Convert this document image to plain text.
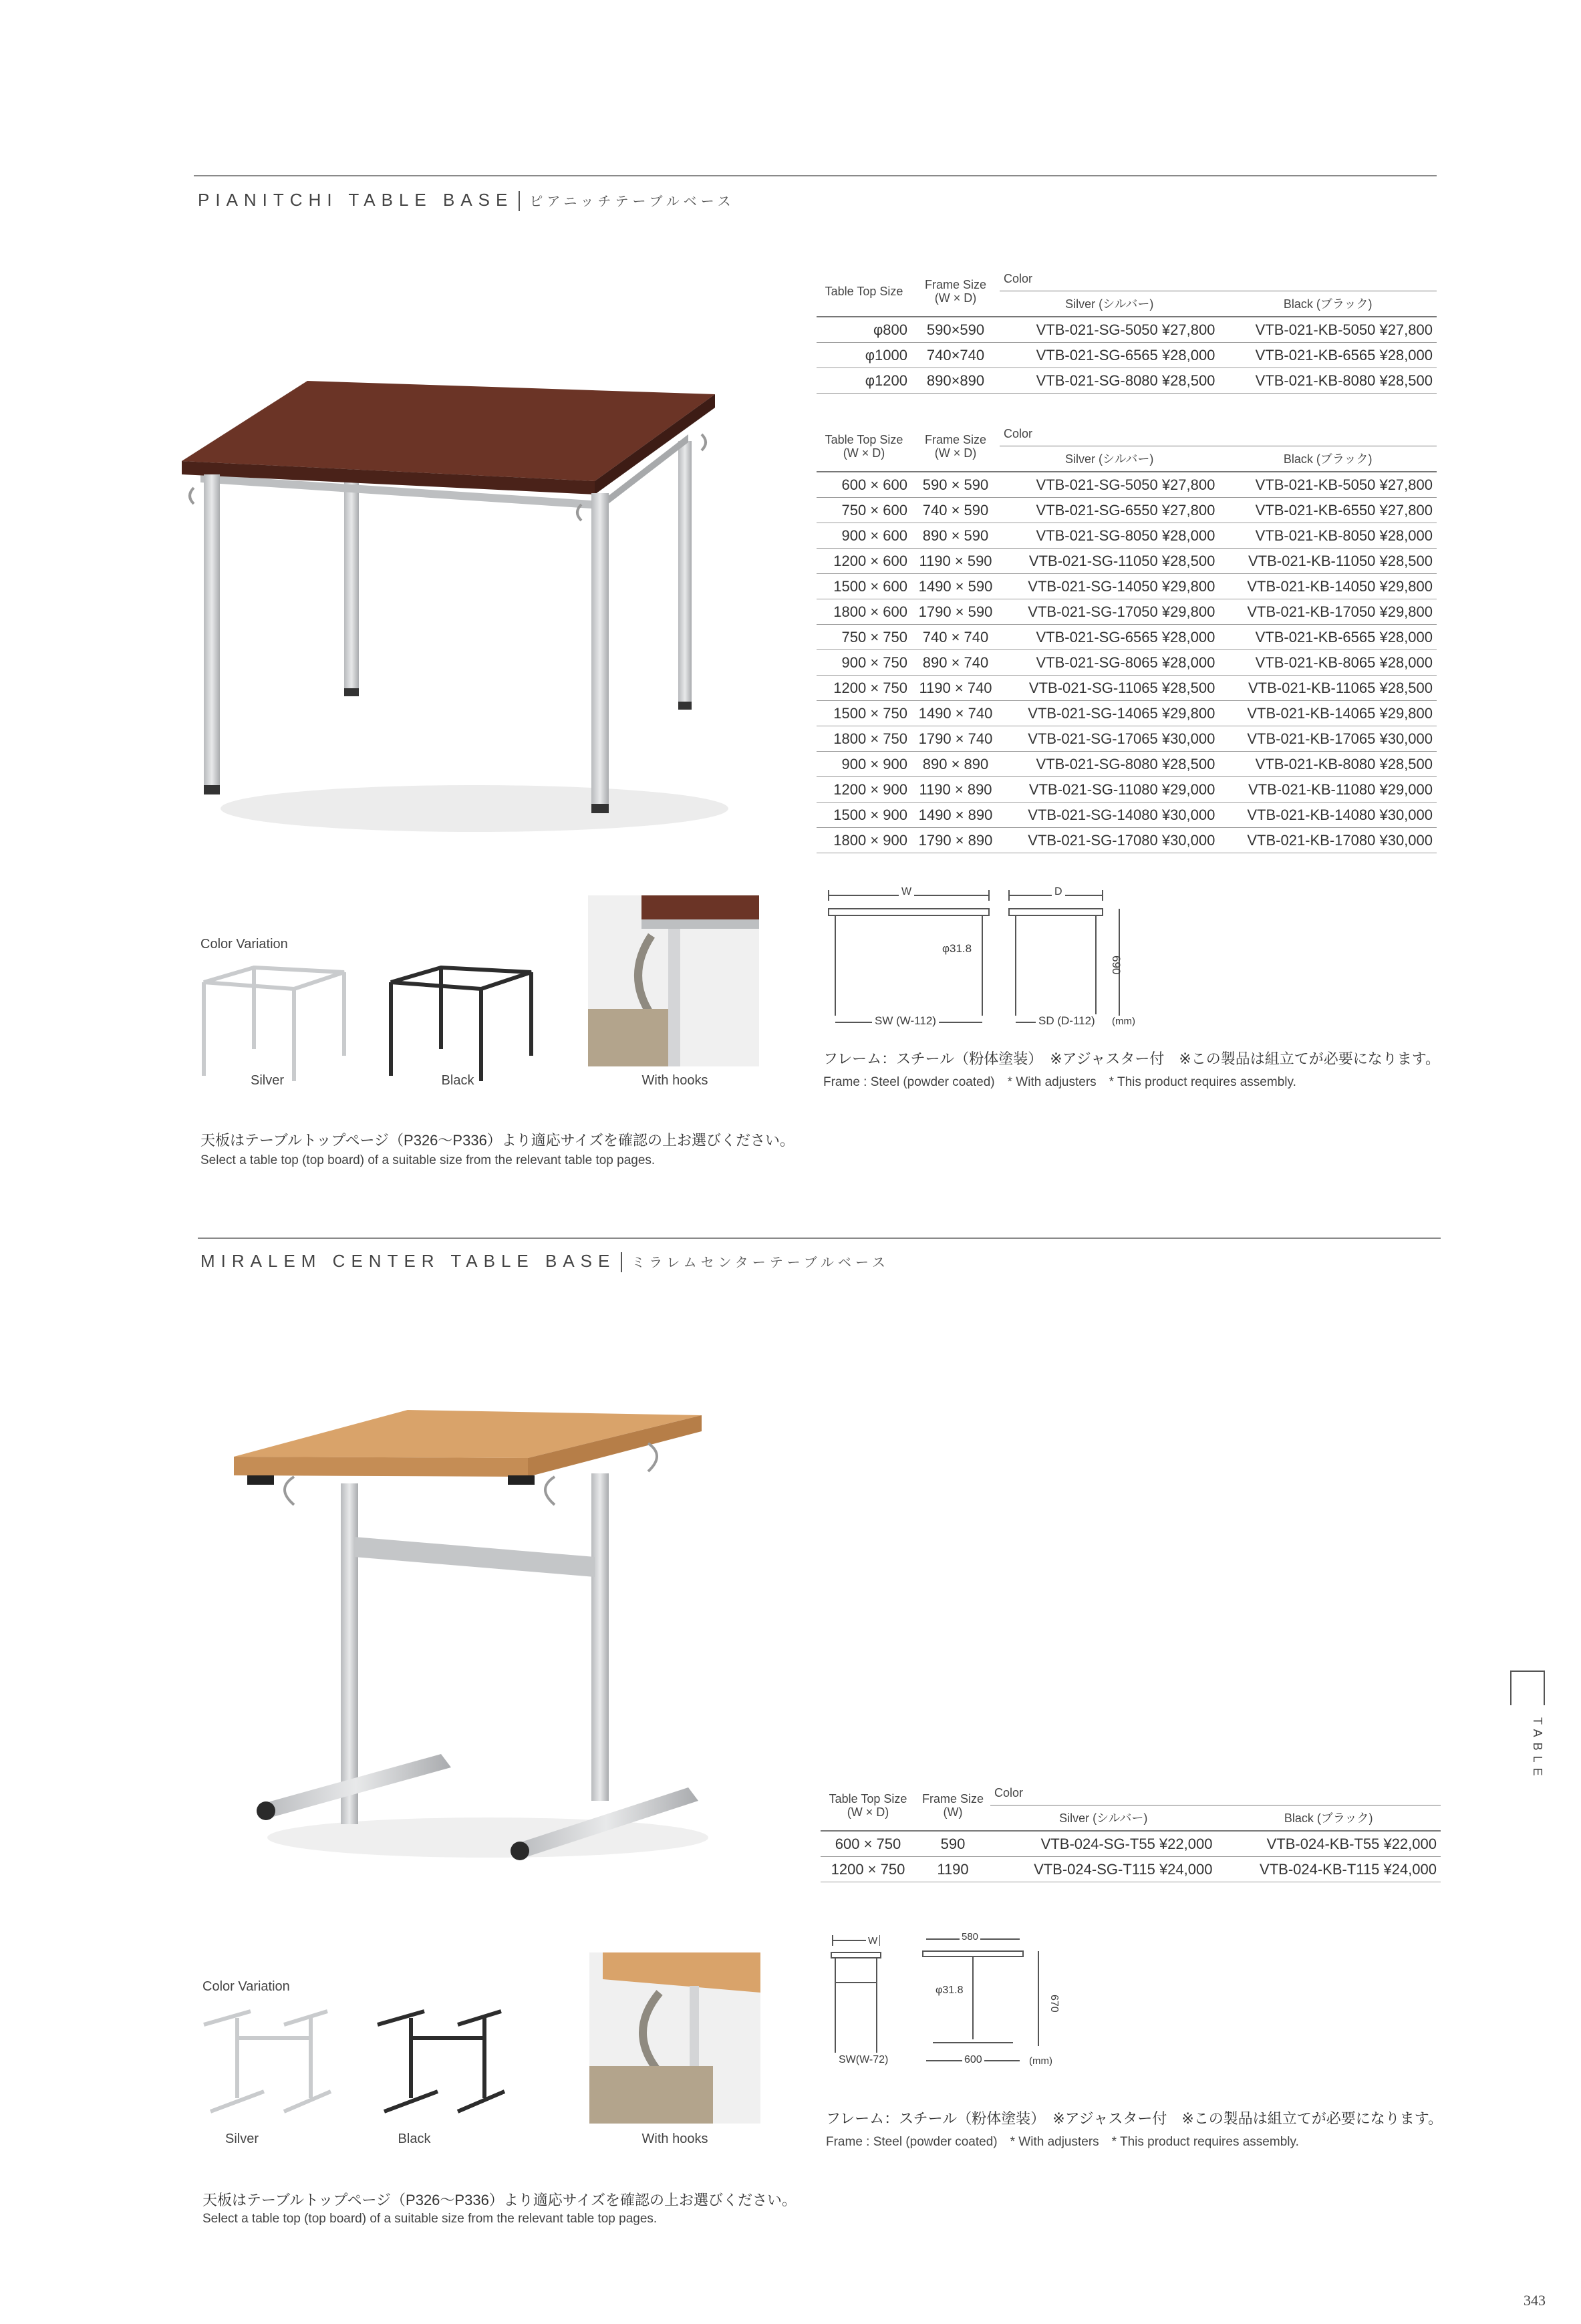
PIANITCHI TABLE BASE ピアニッチテーブルベース
Table Top Size	Frame Size	Color	
	(W × D)	Silver (シルバー)	Black (ブラック)
φ800	590×590	VTB-021-SG-5050 ¥27,800	VTB-021-KB-5050 ¥27,800
φ1000	740×740	VTB-021-SG-6565 ¥28,000	VTB-021-KB-6565 ¥28,000
φ1200	890×890	VTB-021-SG-8080 ¥28,500	VTB-021-KB-8080 ¥28,500
Table Top Size	Frame Size	Color	
(W × D)	(W × D)	Silver (シルバー)	Black (ブラック)
600 × 600	590 × 590	VTB-021-SG-5050 ¥27,800	VTB-021-KB-5050 ¥27,800
750 × 600	740 × 590	VTB-021-SG-6550 ¥27,800	VTB-021-KB-6550 ¥27,800
900 × 600	890 × 590	VTB-021-SG-8050 ¥28,000	VTB-021-KB-8050 ¥28,000
1200 × 600	1190 × 590	VTB-021-SG-11050 ¥28,500	VTB-021-KB-11050 ¥28,500
1500 × 600	1490 × 590	VTB-021-SG-14050 ¥29,800	VTB-021-KB-14050 ¥29,800
1800 × 600	1790 × 590	VTB-021-SG-17050 ¥29,800	VTB-021-KB-17050 ¥29,800
750 × 750	740 × 740	VTB-021-SG-6565 ¥28,000	VTB-021-KB-6565 ¥28,000
900 × 750	890 × 740	VTB-021-SG-8065 ¥28,000	VTB-021-KB-8065 ¥28,000
1200 × 750	1190 × 740	VTB-021-SG-11065 ¥28,500	VTB-021-KB-11065 ¥28,500
1500 × 750	1490 × 740	VTB-021-SG-14065 ¥29,800	VTB-021-KB-14065 ¥29,800
1800 × 750	1790 × 740	VTB-021-SG-17065 ¥30,000	VTB-021-KB-17065 ¥30,000
900 × 900	890 × 890	VTB-021-SG-8080 ¥28,500	VTB-021-KB-8080 ¥28,500
1200 × 900	1190 × 890	VTB-021-SG-11080 ¥29,000	VTB-021-KB-11080 ¥29,000
1500 × 900	1490 × 890	VTB-021-SG-14080 ¥30,000	VTB-021-KB-14080 ¥30,000
1800 × 900	1790 × 890	VTB-021-SG-17080 ¥30,000	VTB-021-KB-17080 ¥30,000
Color Variation
Silver	Black	With hooks
W	D
φ31.8
690
SW (W-112)	SD (D-112) (mm)
フレーム：スチール（粉体塗装）　※アジャスター付　※この製品は組立てが必要になります。
Frame : Steel (powder coated)　* With adjusters　* This product requires assembly.
天板はテーブルトップページ（P326〜P336）より適応サイズを確認の上お選びください。
Select a table top (top board) of a suitable size from the relevant table top pages.
MIRALEM CENTER TABLE BASE ミラレムセンターテーブルベース
Table Top Size	Frame Size	Color	
(W × D)	(W)	Silver (シルバー)	Black (ブラック)
600 × 750	590	VTB-024-SG-T55 ¥22,000	VTB-024-KB-T55 ¥22,000
1200 × 750	1190	VTB-024-SG-T115 ¥24,000	VTB-024-KB-T115 ¥24,000
Color Variation
Silver	Black	With hooks
W	580
φ31.8
670
SW(W-72)	600	(mm)
フレーム：スチール（粉体塗装）　※アジャスター付　※この製品は組立てが必要になります。
Frame : Steel (powder coated)　* With adjusters　* This product requires assembly.
天板はテーブルトップページ（P326〜P336）より適応サイズを確認の上お選びください。
Select a table top (top board) of a suitable size from the relevant table top pages.
TABLE
343
